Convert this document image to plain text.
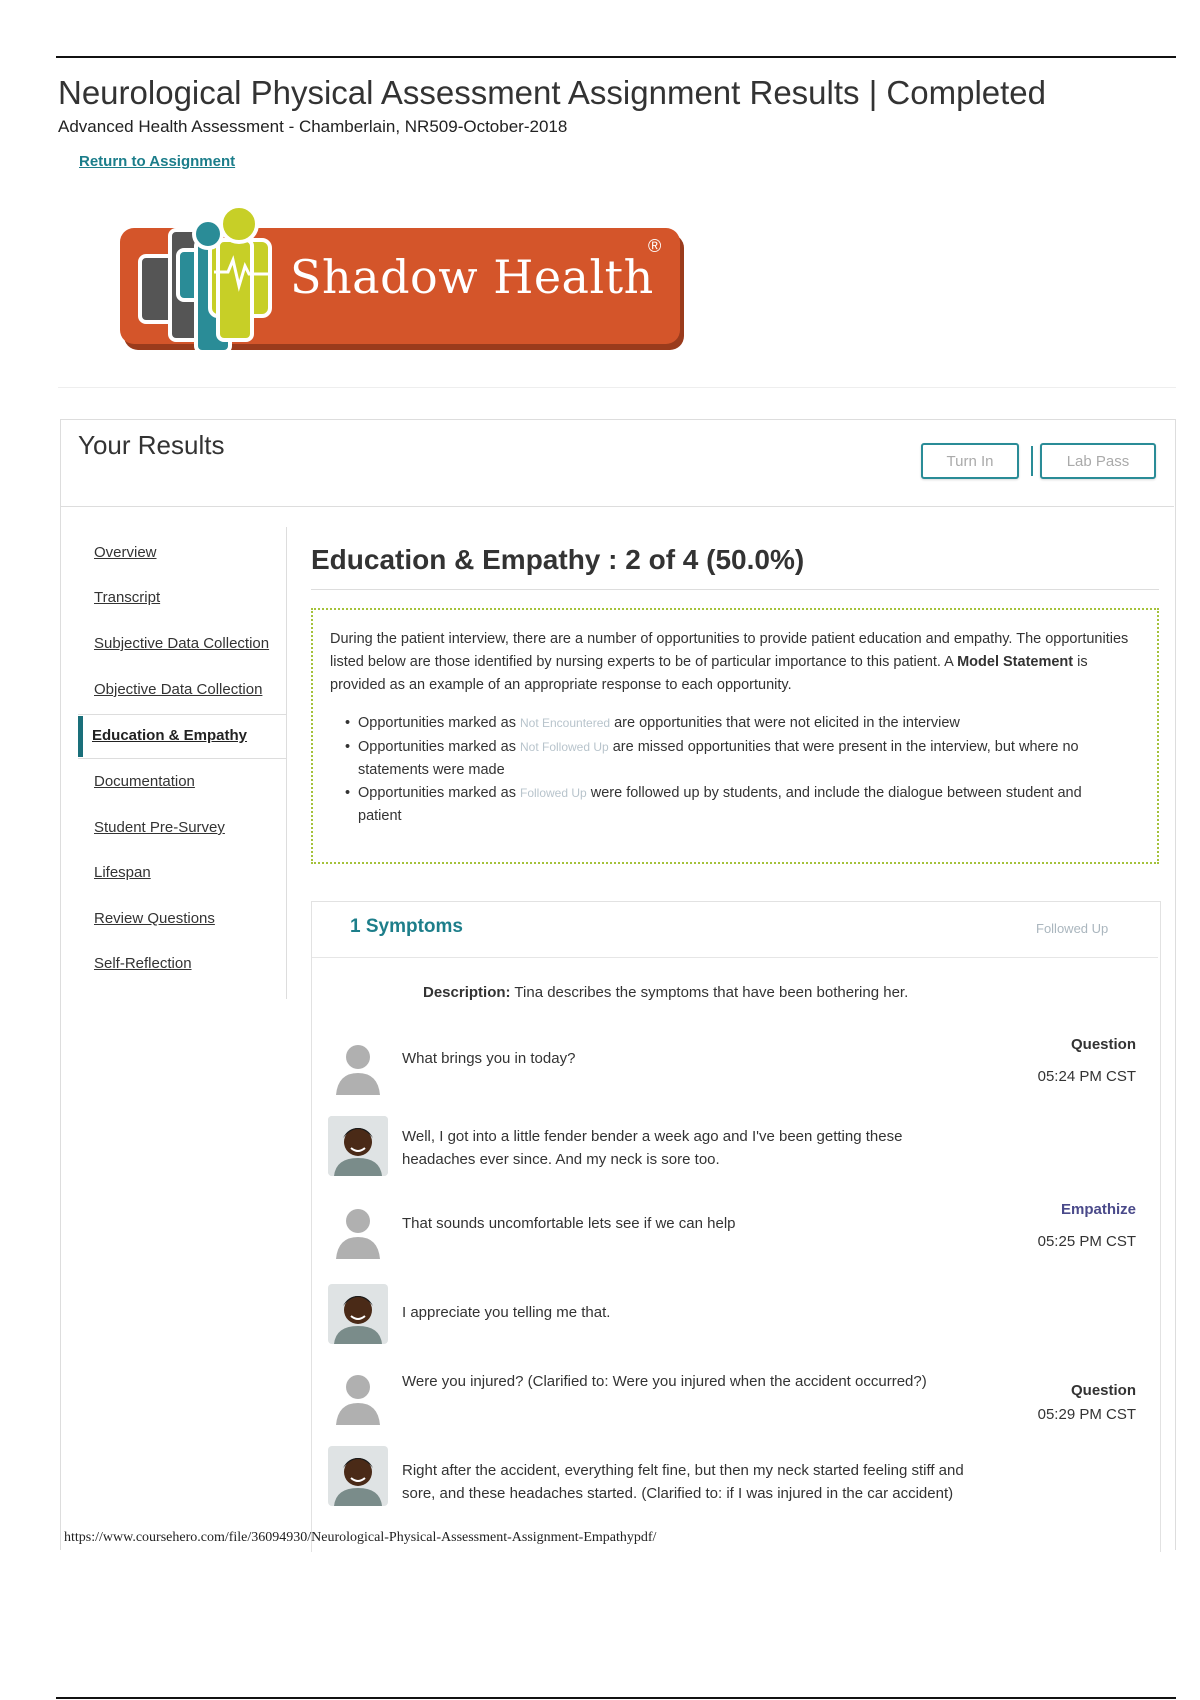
Neurological Physical Assessment Assignment Results | Completed
Advanced Health Assessment - Chamberlain, NR509-October-2018
Return to Assignment
Shadow Health
®
Your Results
Turn In	Lab Pass
Overview
Transcript
Subjective Data Collection
Objective Data Collection
Education & Empathy
Documentation
Student Pre-Survey
Lifespan
Review Questions
Self-Reflection
Education & Empathy : 2 of 4 (50.0%)
During the patient interview, there are a number of opportunities to provide patient education and empathy. The opportunities listed below are those identified by nursing experts to be of particular importance to this patient. A Model Statement is provided as an example of an appropriate response to each opportunity.
• Opportunities marked as Not Encountered are opportunities that were not elicited in the interview
• Opportunities marked as Not Followed Up are missed opportunities that were present in the interview, but where no statements were made
• Opportunities marked as Followed Up were followed up by students, and include the dialogue between student and patient
1 Symptoms	Followed Up
Description: Tina describes the symptoms that have been bothering her.
What brings you in today?
Question
05:24 PM CST
Well, I got into a little fender bender a week ago and I've been getting these headaches ever since. And my neck is sore too.
That sounds uncomfortable lets see if we can help
Empathize
05:25 PM CST
I appreciate you telling me that.
Were you injured? (Clarified to: Were you injured when the accident occurred?)
Question
05:29 PM CST
Right after the accident, everything felt fine, but then my neck started feeling stiff and sore, and these headaches started. (Clarified to: if I was injured in the car accident)
https://www.coursehero.com/file/36094930/Neurological-Physical-Assessment-Assignment-Empathypdf/
